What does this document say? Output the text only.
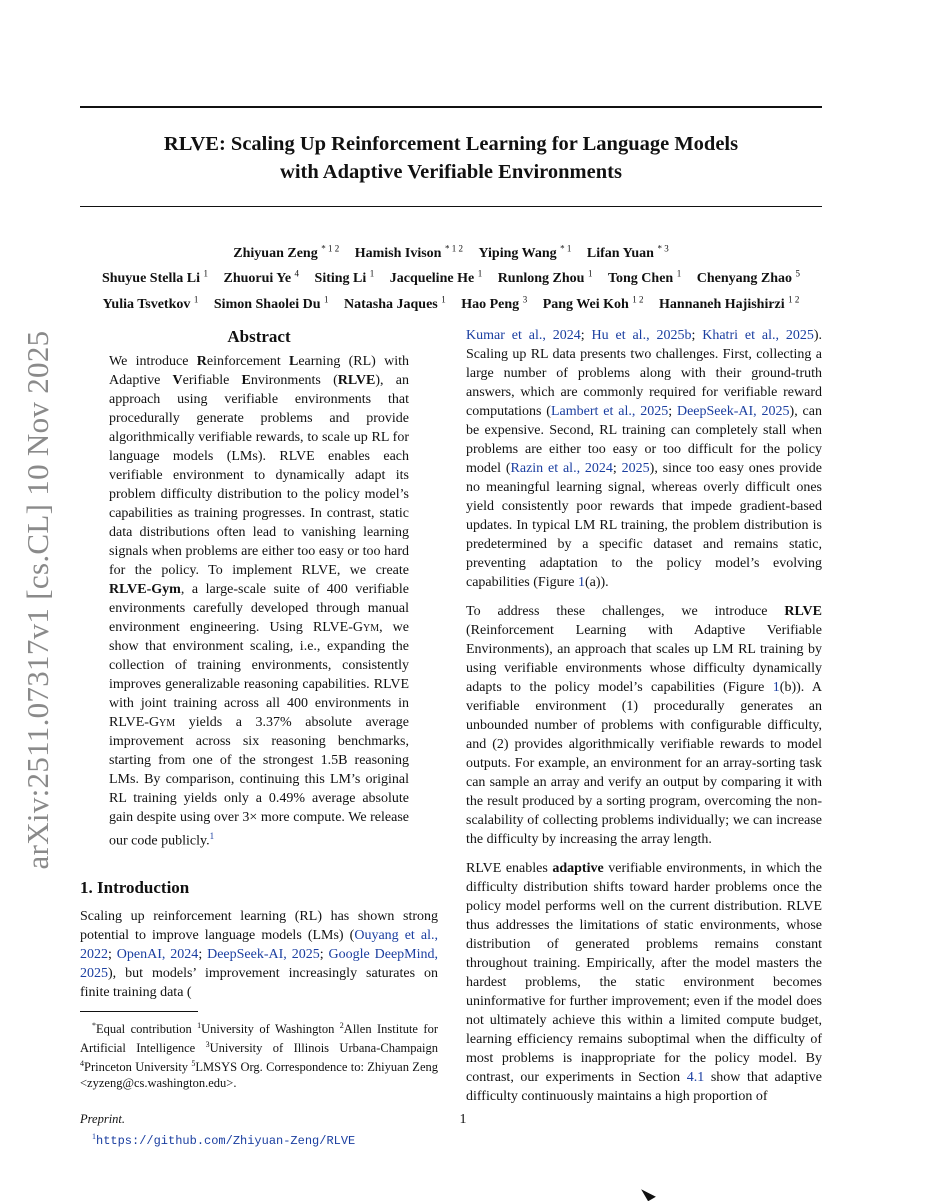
arXiv:2511.07317v1 [cs.CL] 10 Nov 2025
RLVE: Scaling Up Reinforcement Learning for Language Models
with Adaptive Verifiable Environments
Zhiyuan Zeng $^{* 1 2}$ Hamish Ivison $^{* 1 2}$ Yiping Wang $^{* 1}$ Lifan Yuan $^{* 3}$
Shuyue Stella Li $^1$ Zhuorui Ye $^4$ Siting Li $^1$ Jacqueline He $^1$ Runlong Zhou $^1$ Tong Chen $^1$ Chenyang Zhao $^5$
Yulia Tsvetkov $^1$ Simon Shaolei Du $^1$ Natasha Jaques $^1$ Hao Peng $^3$ Pang Wei Koh $^{1 2}$ Hannaneh Hajishirzi $^{1 2}$
Abstract

We introduce Reinforcement Learning (RL) with Adaptive Verifiable Environments (RLVE), an approach using verifiable environments that procedurally generate problems and provide algorithmically verifiable rewards, to scale up RL for language models (LMs). RLVE enables each verifiable environment to dynamically adapt its problem difficulty distribution to the policy model’s capabilities as training progresses. In contrast, static data distributions often lead to vanishing learning signals when problems are either too easy or too hard for the policy. To implement RLVE, we create RLVE-Gym, a large-scale suite of 400 verifiable environments carefully developed through manual environment engineering. Using RLVE-Gym, we show that environment scaling, i.e., expanding the collection of training environments, consistently improves generalizable reasoning capabilities. RLVE with joint training across all 400 environments in RLVE-Gym yields a 3.37% absolute average improvement across six reasoning benchmarks, starting from one of the strongest 1.5B reasoning LMs. By comparison, continuing this LM’s original RL training yields only a 0.49% average absolute gain despite using over 3× more compute. We release our code publicly.$^1$

1. Introduction

Scaling up reinforcement learning (RL) has shown strong potential to improve language models (LMs) (Ouyang et al., 2022; OpenAI, 2024; DeepSeek-AI, 2025; Google DeepMind, 2025), but models’ improvement increasingly saturates on finite training data (

*Equal contribution $^1$University of Washington $^2$Allen Institute for Artificial Intelligence $^3$University of Illinois Urbana-Champaign $^4$Princeton University $^5$LMSYS Org. Correspondence to: Zhiyuan Zeng <zyzeng@cs.washington.edu>.

Preprint.

$^1$https://github.com/Zhiyuan-Zeng/RLVE

Kumar et al., 2024; Hu et al., 2025b; Khatri et al., 2025). Scaling up RL data presents two challenges. First, collecting a large number of problems along with their ground-truth answers, which are commonly required for verifiable reward computations (Lambert et al., 2025; DeepSeek-AI, 2025), can be expensive. Second, RL training can completely stall when problems are either too easy or too difficult for the policy model (Razin et al., 2024; 2025), since too easy ones provide no meaningful learning signal, whereas overly difficult ones yield consistently poor rewards that impede gradient-based updates. In typical LM RL training, the problem distribution is predetermined by a specific dataset and remains static, preventing adaptation to the policy model’s evolving capabilities (Figure 1(a)).

To address these challenges, we introduce RLVE (Reinforcement Learning with Adaptive Verifiable Environments), an approach that scales up LM RL training by using verifiable environments whose difficulty dynamically adapts to the policy model’s capabilities (Figure 1(b)). A verifiable environment (1) procedurally generates an unbounded number of problems with configurable difficulty, and (2) provides algorithmically verifiable rewards to model outputs. For example, an environment for an array-sorting task can sample an array and verify an output by comparing it with the result produced by a sorting program, overcoming the non-scalability of collecting problems individually; we can increase the difficulty by increasing the array length.

RLVE enables adaptive verifiable environments, in which the difficulty distribution shifts toward harder problems once the policy model performs well on the current distribution. RLVE thus addresses the limitations of static environments, whose distribution of generated problems remains constant throughout training. Empirically, after the model masters the hardest problems, the static environment becomes uninformative for further improvement; even if the model does not ultimately achieve this within a limited compute budget, learning efficiency remains suboptimal when the difficulty of most problems is inappropriate for the policy model. By contrast, our experiments in Section 4.1 show that adaptive difficulty continuously maintains a high proportion of

1
